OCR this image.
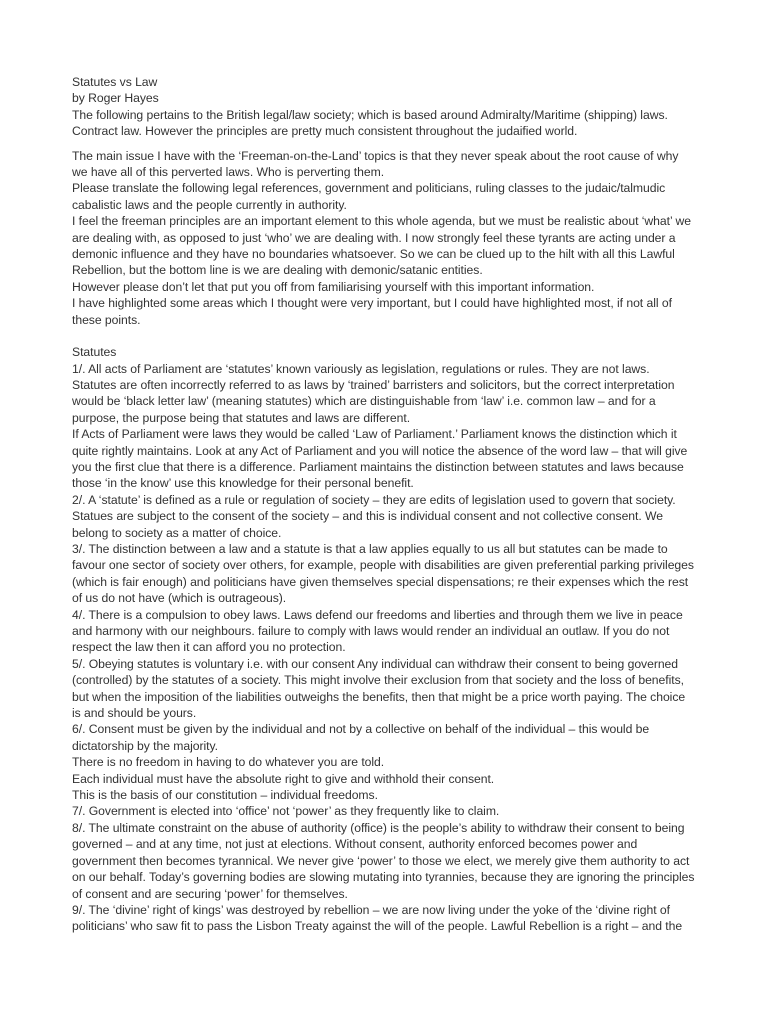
Statutes vs Law

by Roger Hayes

The following pertains to the British legal/law society; which is based around Admiralty/Maritime (shipping) laws. Contract law. However the principles are pretty much consistent throughout the judaified world.

The main issue I have with the ‘Freeman-on-the-Land’ topics is that they never speak about the root cause of why we have all of this perverted laws. Who is perverting them.

Please translate the following legal references, government and politicians, ruling classes to the judaic/talmudic cabalistic laws and the people currently in authority.

I feel the freeman principles are an important element to this whole agenda, but we must be realistic about ‘what’ we are dealing with, as opposed to just ‘who’ we are dealing with. I now strongly feel these tyrants are acting under a demonic influence and they have no boundaries whatsoever. So we can be clued up to the hilt with all this Lawful Rebellion, but the bottom line is we are dealing with demonic/satanic entities.

However please don’t let that put you off from familiarising yourself with this important information.

I have highlighted some areas which I thought were very important, but I could have highlighted most, if not all of these points.

Statutes

1/. All acts of Parliament are ‘statutes’ known variously as legislation, regulations or rules. They are not laws. Statutes are often incorrectly referred to as laws by ‘trained’ barristers and solicitors, but the correct interpretation would be ‘black letter law’ (meaning statutes) which are distinguishable from ‘law’ i.e. common law – and for a purpose, the purpose being that statutes and laws are different.

If Acts of Parliament were laws they would be called ‘Law of Parliament.’ Parliament knows the distinction which it quite rightly maintains. Look at any Act of Parliament and you will notice the absence of the word law – that will give you the first clue that there is a difference. Parliament maintains the distinction between statutes and laws because those ‘in the know’ use this knowledge for their personal benefit.

2/. A ‘statute’ is defined as a rule or regulation of society – they are edits of legislation used to govern that society. Statues are subject to the consent of the society – and this is individual consent and not collective consent. We belong to society as a matter of choice.

3/. The distinction between a law and a statute is that a law applies equally to us all but statutes can be made to favour one sector of society over others, for example, people with disabilities are given preferential parking privileges (which is fair enough) and politicians have given themselves special dispensations; re their expenses which the rest of us do not have (which is outrageous).

4/. There is a compulsion to obey laws. Laws defend our freedoms and liberties and through them we live in peace and harmony with our neighbours. failure to comply with laws would render an individual an outlaw. If you do not respect the law then it can afford you no protection.

5/. Obeying statutes is voluntary i.e. with our consent Any individual can withdraw their consent to being governed (controlled) by the statutes of a society. This might involve their exclusion from that society and the loss of benefits, but when the imposition of the liabilities outweighs the benefits, then that might be a price worth paying. The choice is and should be yours.

6/. Consent must be given by the individual and not by a collective on behalf of the individual – this would be dictatorship by the majority.

There is no freedom in having to do whatever you are told.

Each individual must have the absolute right to give and withhold their consent.

This is the basis of our constitution – individual freedoms.

7/. Government is elected into ‘office’ not ‘power’ as they frequently like to claim.

8/. The ultimate constraint on the abuse of authority (office) is the people’s ability to withdraw their consent to being governed – and at any time, not just at elections. Without consent, authority enforced becomes power and government then becomes tyrannical. We never give ‘power’ to those we elect, we merely give them authority to act on our behalf. Today’s governing bodies are slowing mutating into tyrannies, because they are ignoring the principles of consent and are securing ‘power’ for themselves.

9/. The ‘divine’ right of kings’ was destroyed by rebellion – we are now living under the yoke of the ‘divine right of politicians’ who saw fit to pass the Lisbon Treaty against the will of the people. Lawful Rebellion is a right – and the
